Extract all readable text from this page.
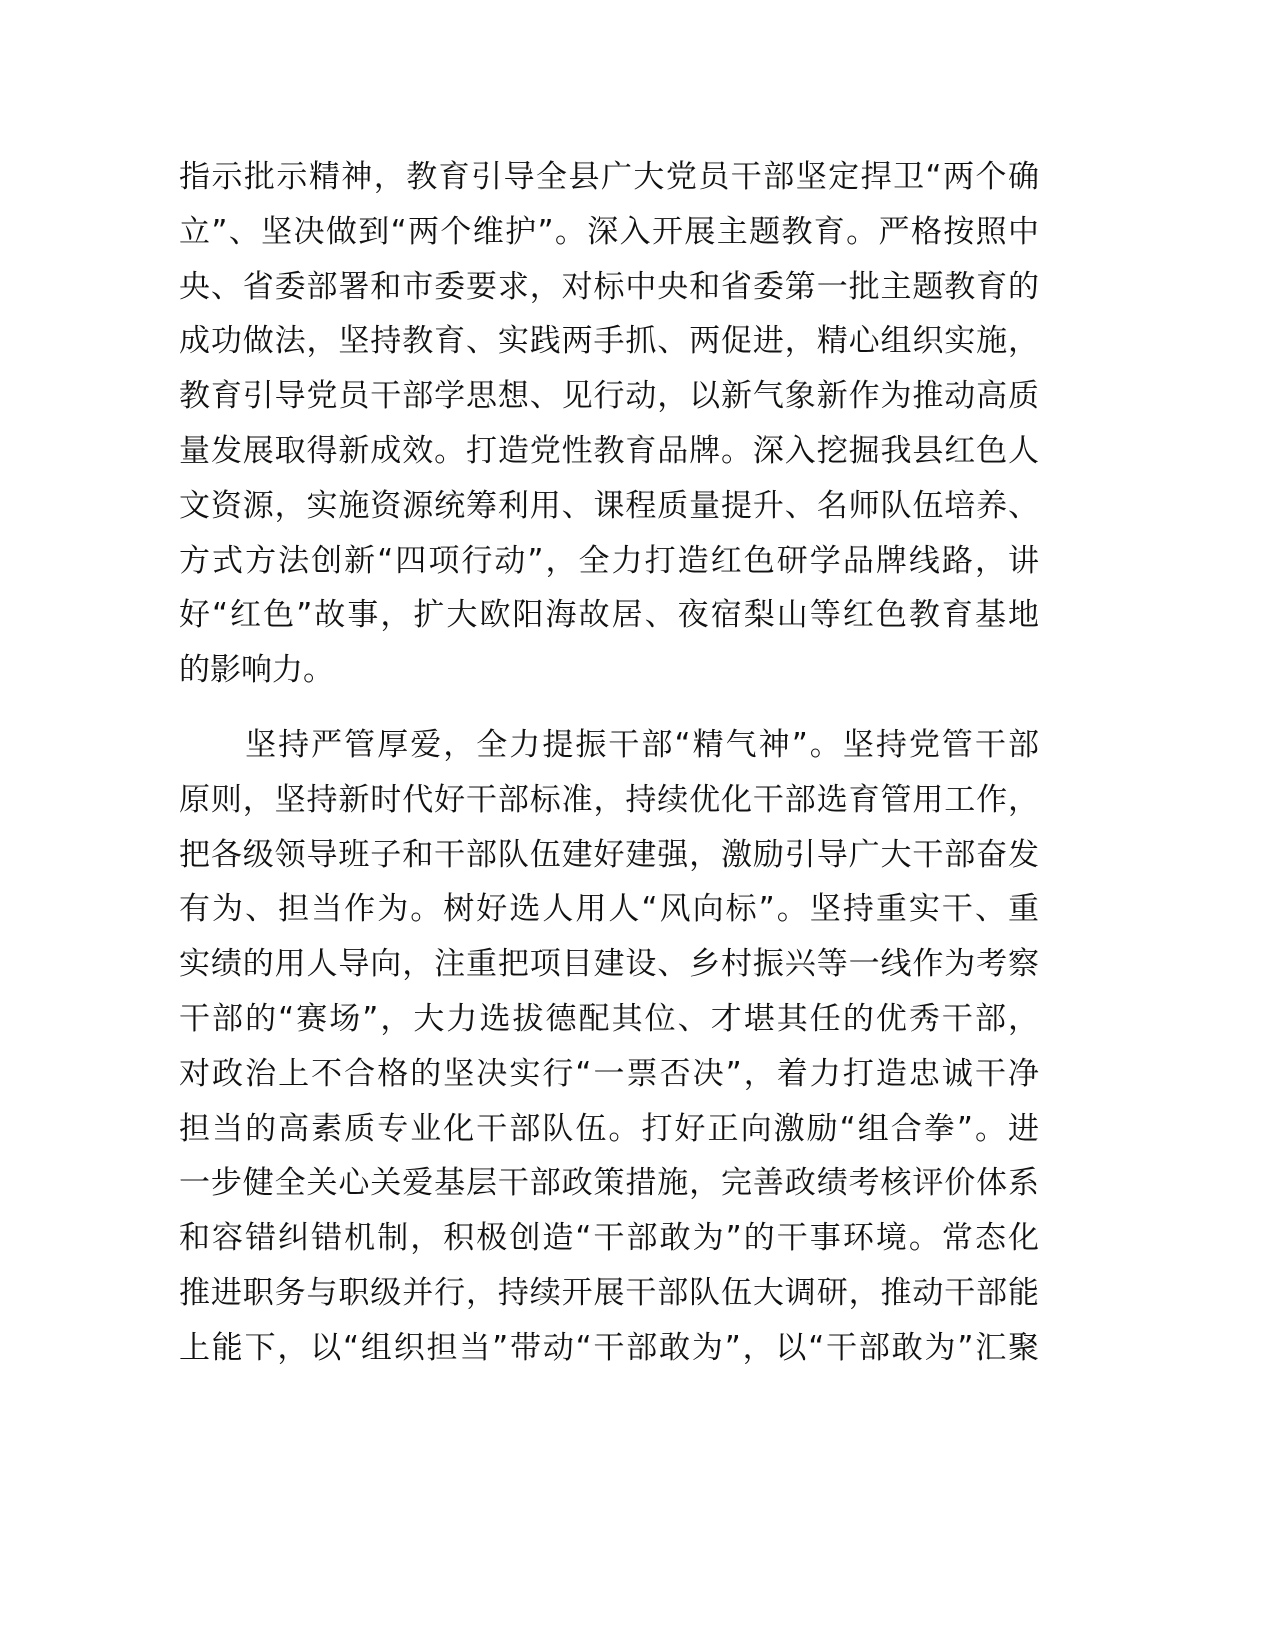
指示批示精神，教育引导全县广大党员干部坚定捍卫“两个确
立”、坚决做到“两个维护”。深入开展主题教育。严格按照中
央、省委部署和市委要求，对标中央和省委第一批主题教育的
成功做法，坚持教育、实践两手抓、两促进，精心组织实施，
教育引导党员干部学思想、见行动，以新气象新作为推动高质
量发展取得新成效。打造党性教育品牌。深入挖掘我县红色人
文资源，实施资源统筹利用、课程质量提升、名师队伍培养、
方式方法创新“四项行动”，全力打造红色研学品牌线路，讲
好“红色”故事，扩大欧阳海故居、夜宿梨山等红色教育基地
的影响力。
　　坚持严管厚爱，全力提振干部“精气神”。坚持党管干部
原则，坚持新时代好干部标准，持续优化干部选育管用工作，
把各级领导班子和干部队伍建好建强，激励引导广大干部奋发
有为、担当作为。树好选人用人“风向标”。坚持重实干、重
实绩的用人导向，注重把项目建设、乡村振兴等一线作为考察
干部的“赛场”，大力选拔德配其位、才堪其任的优秀干部，
对政治上不合格的坚决实行“一票否决”，着力打造忠诚干净
担当的高素质专业化干部队伍。打好正向激励“组合拳”。进
一步健全关心关爱基层干部政策措施，完善政绩考核评价体系
和容错纠错机制，积极创造“干部敢为”的干事环境。常态化
推进职务与职级并行，持续开展干部队伍大调研，推动干部能
上能下，以“组织担当”带动“干部敢为”，以“干部敢为”汇聚
